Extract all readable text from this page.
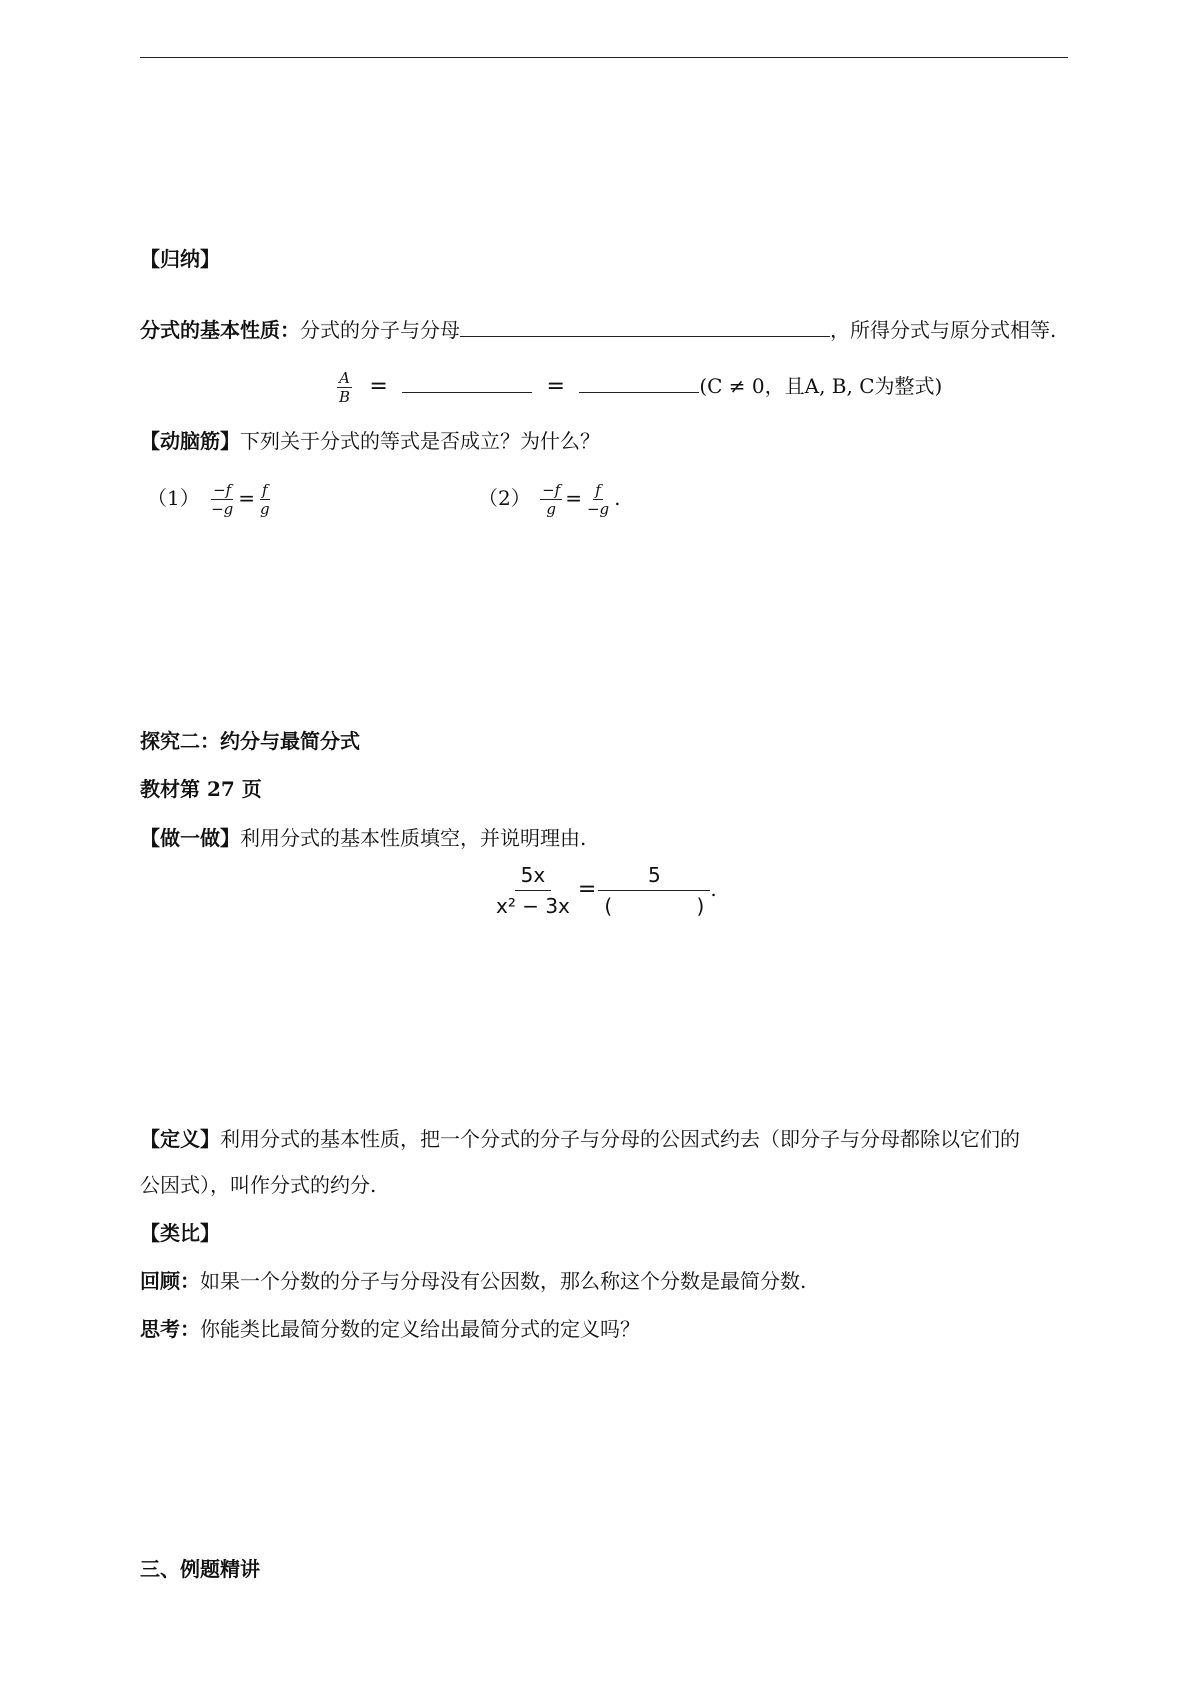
【归纳】
分式的基本性质：分式的分子与分母	，所得分式与原分式相等.
$\frac{A}{B}$ =	=	(C ≠ 0，且A, B, C为整式)
【动脑筋】下列关于分式的等式是否成立？为什么？
$(1) \frac{-f}{-g} = \frac{f}{g}$	$(2) \frac{-f}{g} = \frac{f}{-g}$ .
探究二：约分与最简分式
教材第 27 页
【做一做】利用分式的基本性质填空，并说明理由.
$\frac{5x}{\text{x² − 3x}} = 5$
(	) .
【定义】利用分式的基本性质，把一个分式的分子与分母的公因式约去（即分子与分母都除以它们的
公因式），叫作分式的约分.
【类比】
回顾：如果一个分数的分子与分母没有公因数，那么称这个分数是最简分数.
思考：你能类比最简分数的定义给出最简分式的定义吗？
三、例题精讲
